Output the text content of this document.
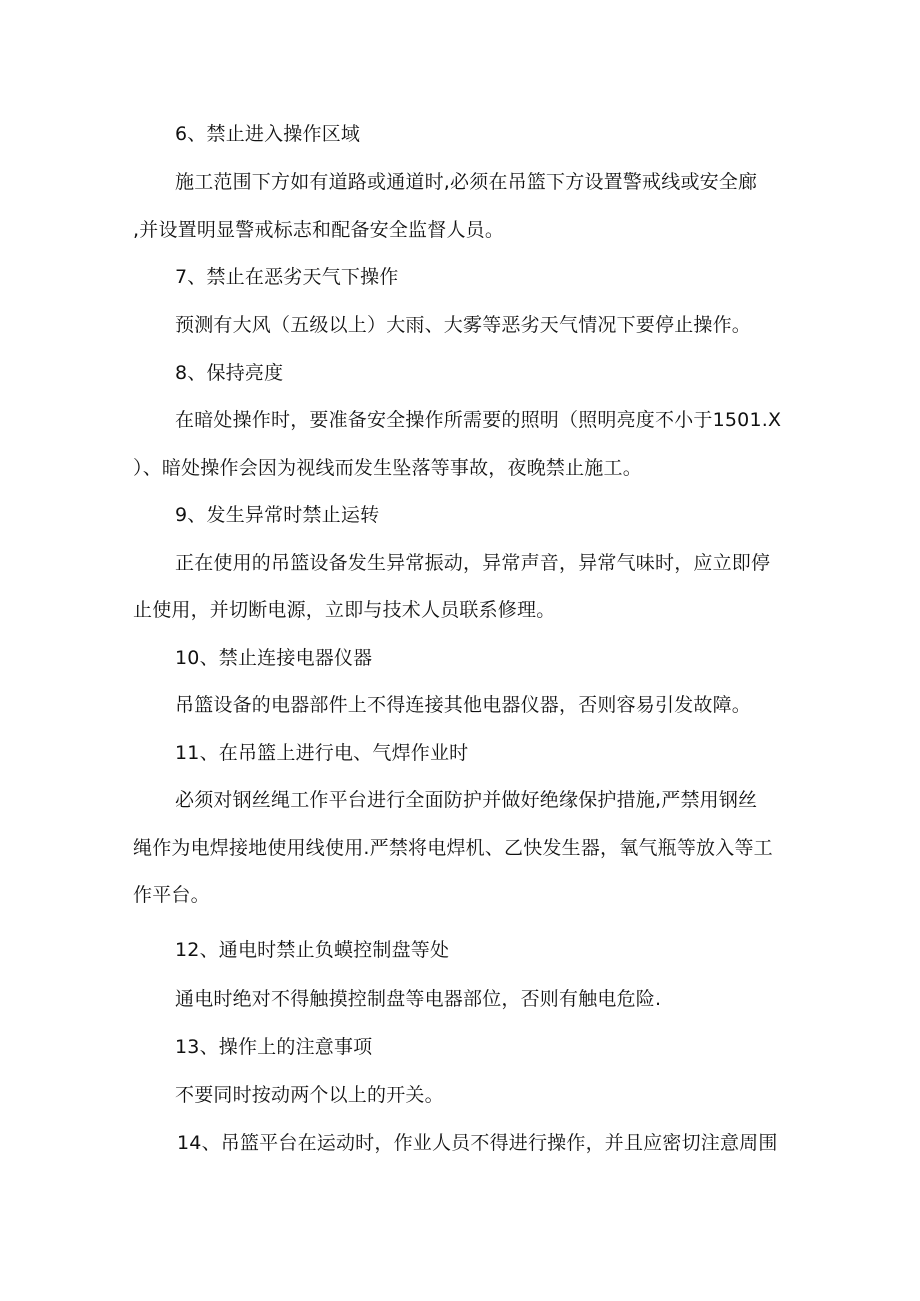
6、禁止进入操作区域
施工范围下方如有道路或通道时,必须在吊篮下方设置警戒线或安全廊
,并设置明显警戒标志和配备安全监督人员。
7、禁止在恶劣天气下操作
预测有大风（五级以上）大雨、大雾等恶劣天气情况下要停止操作。
8、保持亮度
在暗处操作时，要准备安全操作所需要的照明（照明亮度不小于1501.X
）、暗处操作会因为视线而发生坠落等事故，夜晚禁止施工。
9、发生异常时禁止运转
正在使用的吊篮设备发生异常振动，异常声音，异常气味时，应立即停
止使用，并切断电源，立即与技术人员联系修理。
10、禁止连接电器仪器
吊篮设备的电器部件上不得连接其他电器仪器，否则容易引发故障。
11、在吊篮上进行电、气焊作业时
必须对钢丝绳工作平台进行全面防护并做好绝缘保护措施,严禁用钢丝
绳作为电焊接地使用线使用.严禁将电焊机、乙快发生器，氧气瓶等放入等工
作平台。
12、通电时禁止负蟆控制盘等处
通电时绝对不得触摸控制盘等电器部位，否则有触电危险.
13、操作上的注意事项
不要同时按动两个以上的开关。
14、吊篮平台在运动时，作业人员不得进行操作，并且应密切注意周围
